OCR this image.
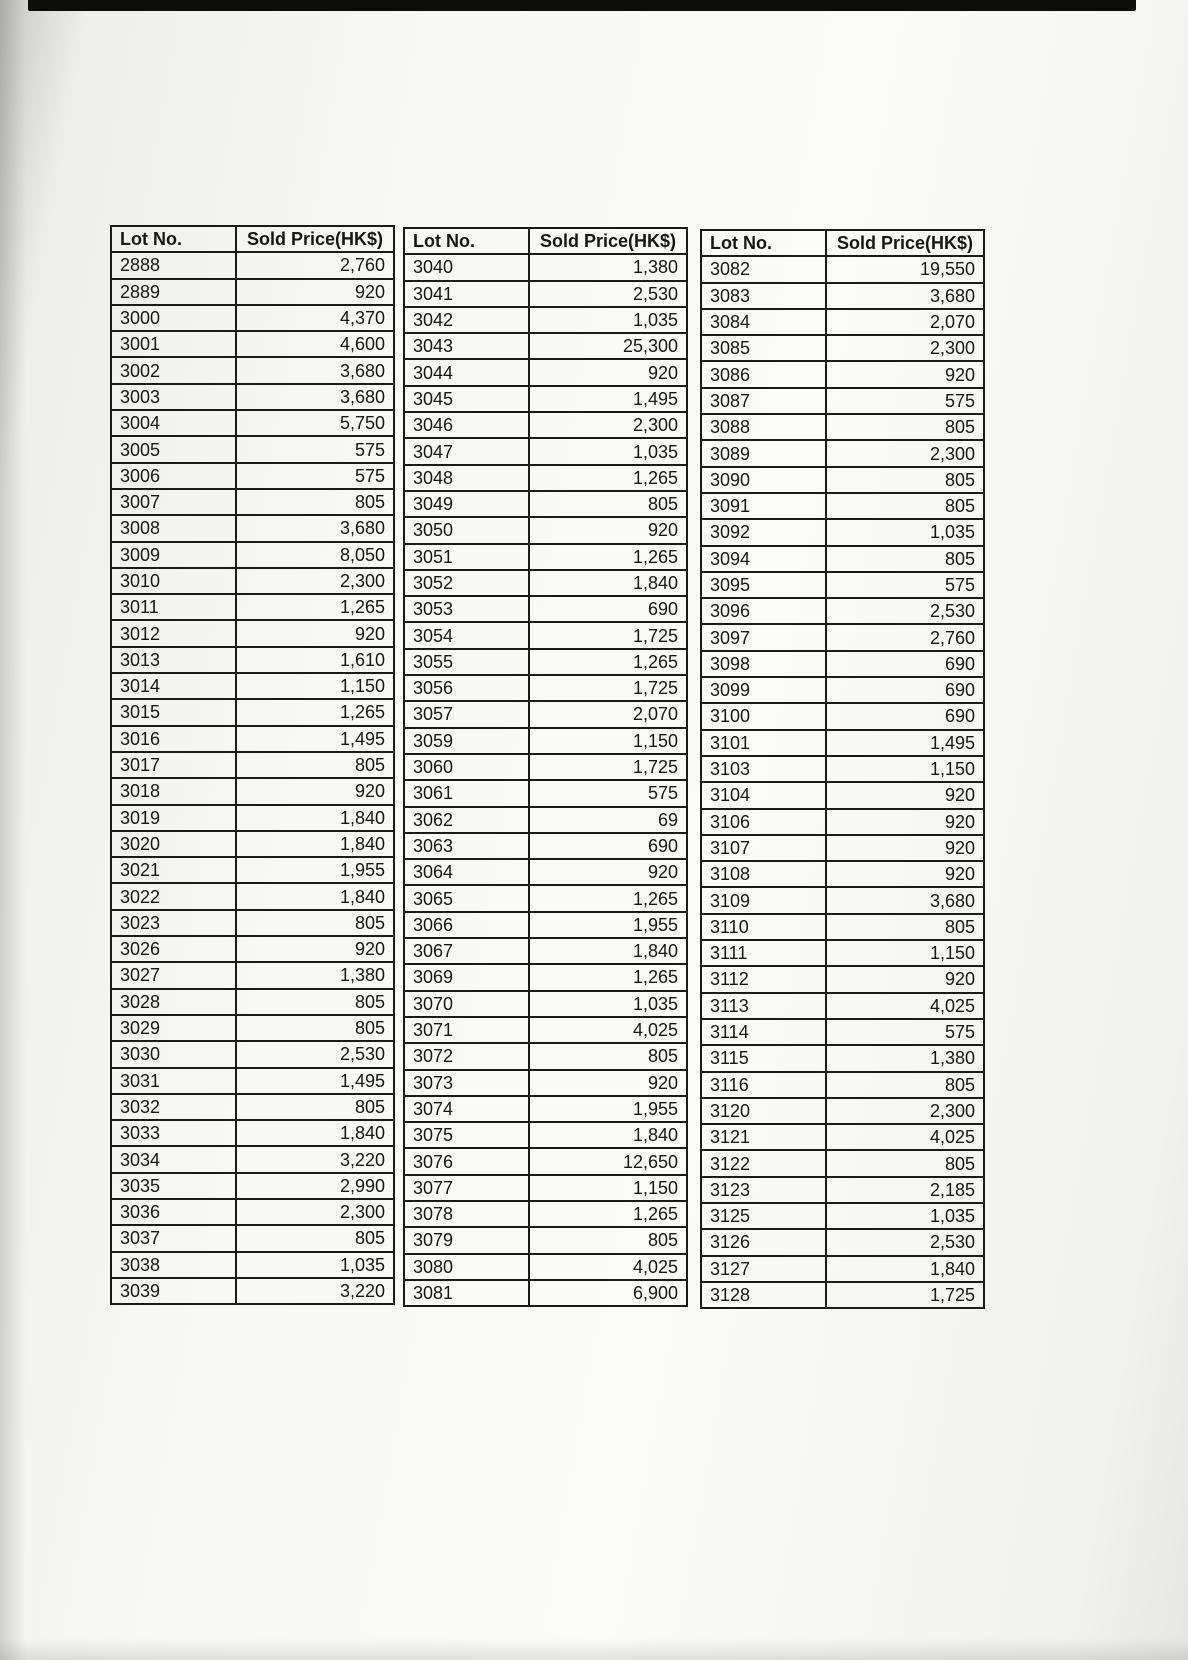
Lot No.	Sold Price(HK$)
2888	2,760
2889	920
3000	4,370
3001	4,600
3002	3,680
3003	3,680
3004	5,750
3005	575
3006	575
3007	805
3008	3,680
3009	8,050
3010	2,300
3011	1,265
3012	920
3013	1,610
3014	1,150
3015	1,265
3016	1,495
3017	805
3018	920
3019	1,840
3020	1,840
3021	1,955
3022	1,840
3023	805
3026	920
3027	1,380
3028	805
3029	805
3030	2,530
3031	1,495
3032	805
3033	1,840
3034	3,220
3035	2,990
3036	2,300
3037	805
3038	1,035
3039	3,220
Lot No.	Sold Price(HK$)
3040	1,380
3041	2,530
3042	1,035
3043	25,300
3044	920
3045	1,495
3046	2,300
3047	1,035
3048	1,265
3049	805
3050	920
3051	1,265
3052	1,840
3053	690
3054	1,725
3055	1,265
3056	1,725
3057	2,070
3059	1,150
3060	1,725
3061	575
3062	69
3063	690
3064	920
3065	1,265
3066	1,955
3067	1,840
3069	1,265
3070	1,035
3071	4,025
3072	805
3073	920
3074	1,955
3075	1,840
3076	12,650
3077	1,150
3078	1,265
3079	805
3080	4,025
3081	6,900
Lot No.	Sold Price(HK$)
3082	19,550
3083	3,680
3084	2,070
3085	2,300
3086	920
3087	575
3088	805
3089	2,300
3090	805
3091	805
3092	1,035
3094	805
3095	575
3096	2,530
3097	2,760
3098	690
3099	690
3100	690
3101	1,495
3103	1,150
3104	920
3106	920
3107	920
3108	920
3109	3,680
3110	805
3111	1,150
3112	920
3113	4,025
3114	575
3115	1,380
3116	805
3120	2,300
3121	4,025
3122	805
3123	2,185
3125	1,035
3126	2,530
3127	1,840
3128	1,725
